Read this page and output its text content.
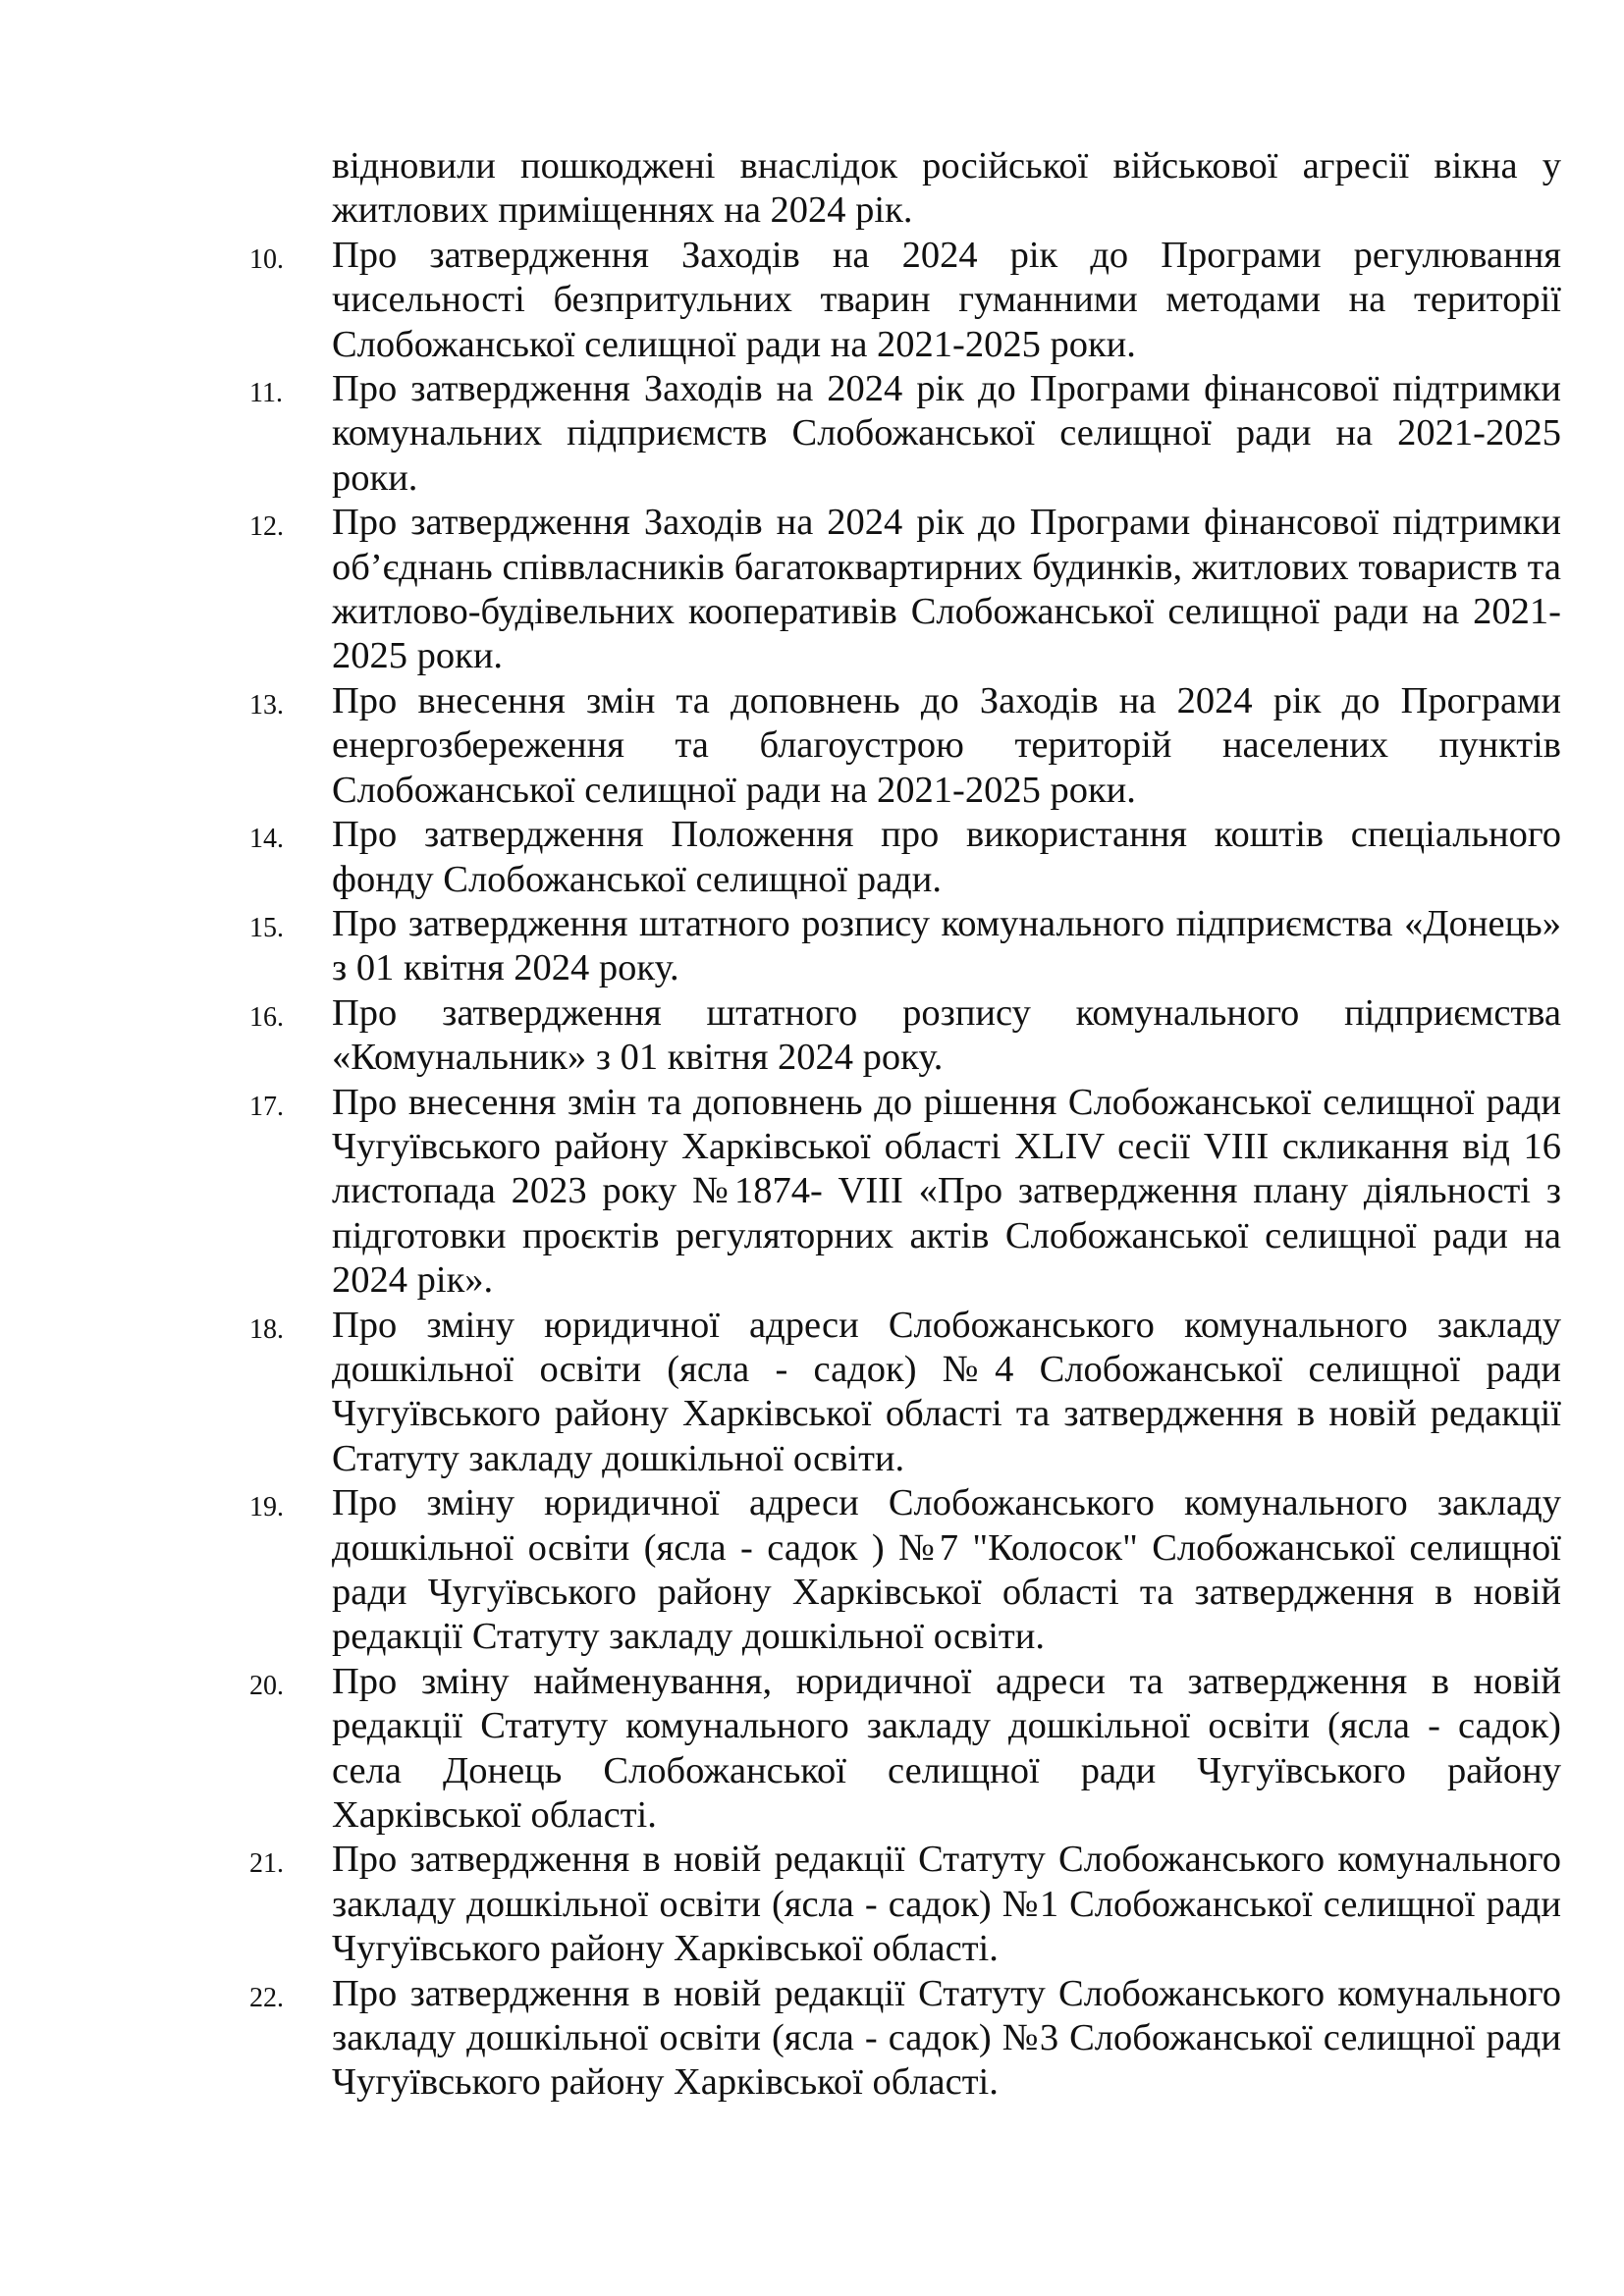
відновили пошкоджені внаслідок російської військової агресії вікна у житлових приміщеннях на 2024 рік.

10.	Про затвердження Заходів на 2024 рік до Програми регулювання чисельності безпритульних тварин гуманними методами на території Слобожанської селищної ради на 2021-2025 роки.
11.	Про затвердження Заходів на 2024 рік до Програми фінансової підтримки комунальних підприємств Слобожанської селищної ради на 2021-2025 роки.
12.	Про затвердження Заходів на 2024 рік до Програми фінансової підтримки об’єднань співвласників багатоквартирних будинків, житлових товариств та житлово-будівельних кооперативів Слобожанської селищної ради на 2021-2025 роки.
13.	Про внесення змін та доповнень до Заходів на 2024 рік до Програми енергозбереження та благоустрою територій населених пунктів Слобожанської селищної ради на 2021-2025 роки.
14.	Про затвердження Положення про використання коштів спеціального фонду Слобожанської селищної ради.
15.	Про затвердження штатного розпису комунального підприємства «Донець» з 01 квітня 2024 року.
16.	Про затвердження штатного розпису комунального підприємства «Комунальник» з 01 квітня 2024 року.
17.	Про внесення змін та доповнень до рішення Слобожанської селищної ради Чугуївського району Харківської області XLIV сесії VIII скликання від 16 листопада 2023 року №1874- VIII «Про затвердження плану діяльності з підготовки проєктів регуляторних актів Слобожанської селищної ради на 2024 рік».
18.	Про зміну юридичної адреси Слобожанського комунального закладу дошкільної освіти (ясла - садок) №4 Слобожанської селищної ради Чугуївського району Харківської області та затвердження в новій редакції Статуту закладу дошкільної освіти.
19.	Про зміну юридичної адреси Слобожанського комунального закладу дошкільної освіти (ясла - садок ) №7 "Колосок" Слобожанської селищної ради Чугуївського району Харківської області та затвердження в новій редакції Статуту закладу дошкільної освіти.
20.	Про зміну найменування, юридичної адреси та затвердження в новій редакції Статуту комунального закладу дошкільної освіти (ясла - садок) села Донець Слобожанської селищної ради Чугуївського району Харківської області.
21.	Про затвердження в новій редакції Статуту Слобожанського комунального закладу дошкільної освіти (ясла - садок) №1 Слобожанської селищної ради Чугуївського району Харківської області.
22.	Про затвердження в новій редакції Статуту Слобожанського комунального закладу дошкільної освіти (ясла - садок) №3 Слобожанської селищної ради Чугуївського району Харківської області.
